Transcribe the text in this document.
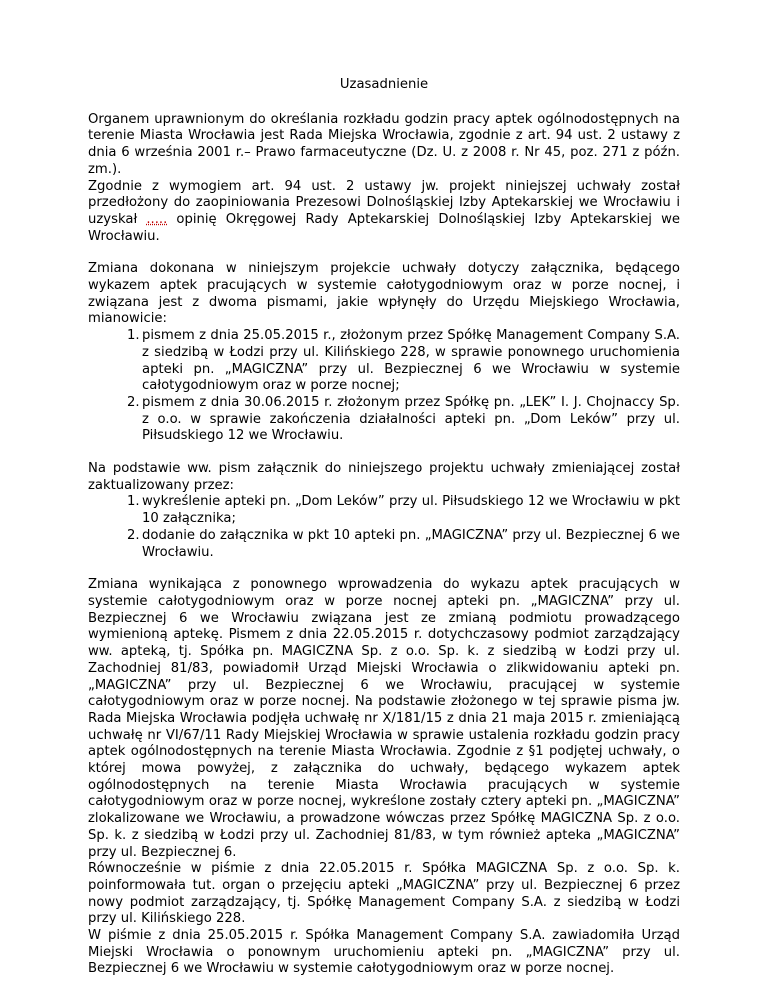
Uzasadnienie

Organem uprawnionym do określania rozkładu godzin pracy aptek ogólnodostępnych na terenie Miasta Wrocławia jest Rada Miejska Wrocławia, zgodnie z art. 94 ust. 2 ustawy z dnia 6 września 2001 r.– Prawo farmaceutyczne (Dz. U. z 2008 r. Nr 45, poz. 271 z późn. zm.).

Zgodnie z wymogiem art. 94 ust. 2 ustawy jw. projekt niniejszej uchwały został przedłożony do zaopiniowania Prezesowi Dolnośląskiej Izby Aptekarskiej we Wrocławiu i uzyskał ..... opinię Okręgowej Rady Aptekarskiej Dolnośląskiej Izby Aptekarskiej we Wrocławiu.

Zmiana dokonana w niniejszym projekcie uchwały dotyczy załącznika, będącego wykazem aptek pracujących w systemie całotygodniowym oraz w porze nocnej, i związana jest z dwoma pismami, jakie wpłynęły do Urzędu Miejskiego Wrocławia, mianowicie:

1. pismem z dnia 25.05.2015 r., złożonym przez Spółkę Management Company S.A. z siedzibą w Łodzi przy ul. Kilińskiego 228, w sprawie ponownego uruchomienia apteki pn. „MAGICZNA” przy ul. Bezpiecznej 6 we Wrocławiu w systemie całotygodniowym oraz w porze nocnej;
2. pismem z dnia 30.06.2015 r. złożonym przez Spółkę pn. „LEK” I. J. Chojnaccy Sp. z o.o. w sprawie zakończenia działalności apteki pn. „Dom Leków” przy ul. Piłsudskiego 12 we Wrocławiu.

Na podstawie ww. pism załącznik do niniejszego projektu uchwały zmieniającej został zaktualizowany przez:

1. wykreślenie apteki pn. „Dom Leków” przy ul. Piłsudskiego 12 we Wrocławiu w pkt 10 załącznika;
2. dodanie do załącznika w pkt 10 apteki pn. „MAGICZNA” przy ul. Bezpiecznej 6 we Wrocławiu.

Zmiana wynikająca z ponownego wprowadzenia do wykazu aptek pracujących w systemie całotygodniowym oraz w porze nocnej apteki pn. „MAGICZNA” przy ul. Bezpiecznej 6 we Wrocławiu związana jest ze zmianą podmiotu prowadzącego wymienioną aptekę. Pismem z dnia 22.05.2015 r. dotychczasowy podmiot zarządzający ww. apteką, tj. Spółka pn. MAGICZNA Sp. z o.o. Sp. k. z siedzibą w Łodzi przy ul. Zachodniej 81/83, powiadomił Urząd Miejski Wrocławia o zlikwidowaniu apteki pn. „MAGICZNA” przy ul. Bezpiecznej 6 we Wrocławiu, pracującej w systemie całotygodniowym oraz w porze nocnej. Na podstawie złożonego w tej sprawie pisma jw. Rada Miejska Wrocławia podjęła uchwałę nr X/181/15 z dnia 21 maja 2015 r. zmieniającą uchwałę nr VI/67/11 Rady Miejskiej Wrocławia w sprawie ustalenia rozkładu godzin pracy aptek ogólnodostępnych na terenie Miasta Wrocławia. Zgodnie z §1 podjętej uchwały, o której mowa powyżej, z załącznika do uchwały, będącego wykazem aptek ogólnodostępnych na terenie Miasta Wrocławia pracujących w systemie całotygodniowym oraz w porze nocnej, wykreślone zostały cztery apteki pn. „MAGICZNA” zlokalizowane we Wrocławiu, a prowadzone wówczas przez Spółkę MAGICZNA Sp. z o.o. Sp. k. z siedzibą w Łodzi przy ul. Zachodniej 81/83, w tym również apteka „MAGICZNA” przy ul. Bezpiecznej 6.

Równocześnie w piśmie z dnia 22.05.2015 r. Spółka MAGICZNA Sp. z o.o. Sp. k. poinformowała tut. organ o przejęciu apteki „MAGICZNA” przy ul. Bezpiecznej 6 przez nowy podmiot zarządzający, tj. Spółkę Management Company S.A. z siedzibą w Łodzi przy ul. Kilińskiego 228.

W piśmie z dnia 25.05.2015 r. Spółka Management Company S.A. zawiadomiła Urząd Miejski Wrocławia o ponownym uruchomieniu apteki pn. „MAGICZNA” przy ul. Bezpiecznej 6 we Wrocławiu w systemie całotygodniowym oraz w porze nocnej.
